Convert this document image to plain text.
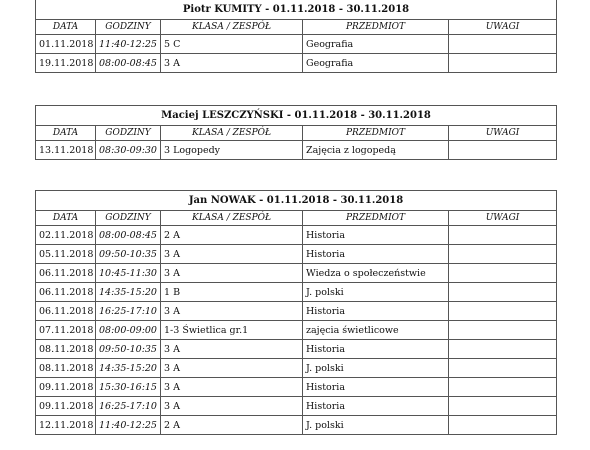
Piotr KUMITY - 01.11.2018 - 30.11.2018				
DATA	GODZINY	KLASA / ZESPÓŁ	PRZEDMIOT	UWAGI
01.11.2018	11:40-12:25	5 C	Geografia	
19.11.2018	08:00-08:45	3 A	Geografia	
Maciej LESZCZYŃSKI - 01.11.2018 - 30.11.2018				
DATA	GODZINY	KLASA / ZESPÓŁ	PRZEDMIOT	UWAGI
13.11.2018	08:30-09:30	3 Logopedy	Zajęcia z logopedą	
Jan NOWAK - 01.11.2018 - 30.11.2018				
DATA	GODZINY	KLASA / ZESPÓŁ	PRZEDMIOT	UWAGI
02.11.2018	08:00-08:45	2 A	Historia	
05.11.2018	09:50-10:35	3 A	Historia	
06.11.2018	10:45-11:30	3 A	Wiedza o społeczeństwie	
06.11.2018	14:35-15:20	1 B	J. polski	
06.11.2018	16:25-17:10	3 A	Historia	
07.11.2018	08:00-09:00	1-3 Świetlica gr.1	zajęcia świetlicowe	
08.11.2018	09:50-10:35	3 A	Historia	
08.11.2018	14:35-15:20	3 A	J. polski	
09.11.2018	15:30-16:15	3 A	Historia	
09.11.2018	16:25-17:10	3 A	Historia	
12.11.2018	11:40-12:25	2 A	J. polski	
